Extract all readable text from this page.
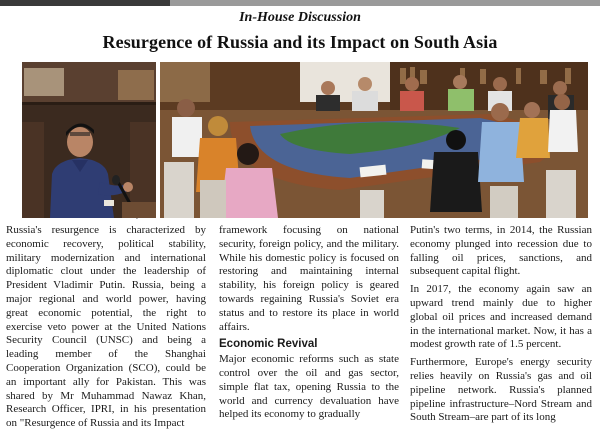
In-House Discussion
Resurgence of Russia and its Impact on South Asia

Russia's resurgence is characterized by economic recovery, political stability, military modernization and international diplomatic clout under the leadership of President Vladimir Putin. Russia, being a major regional and world power, having great economic potential, the right to exercise veto power at the United Nations Security Council (UNSC) and being a leading member of the Shanghai Cooperation Organization (SCO), could be an important ally for Pakistan. This was shared by Mr Muhammad Nawaz Khan, Research Officer, IPRI, in his presentation on "Resurgence of Russia and its Impact

framework focusing on national security, foreign policy, and the military. While his domestic policy is focused on restoring and maintaining internal stability, his foreign policy is geared towards regaining Russia's Soviet era status and to restore its place in world affairs.

Economic Revival

Major economic reforms such as state control over the oil and gas sector, simple flat tax, opening Russia to the world and currency devaluation have helped its economy to gradually

Putin's two terms, in 2014, the Russian economy plunged into recession due to falling oil prices, sanctions, and subsequent capital flight.

In 2017, the economy again saw an upward trend mainly due to higher global oil prices and increased demand in the international market. Now, it has a modest growth rate of 1.5 percent.

Furthermore, Europe's energy security relies heavily on Russia's gas and oil pipeline network. Russia's planned pipeline infrastructure–Nord Stream and South Stream–are part of its long
